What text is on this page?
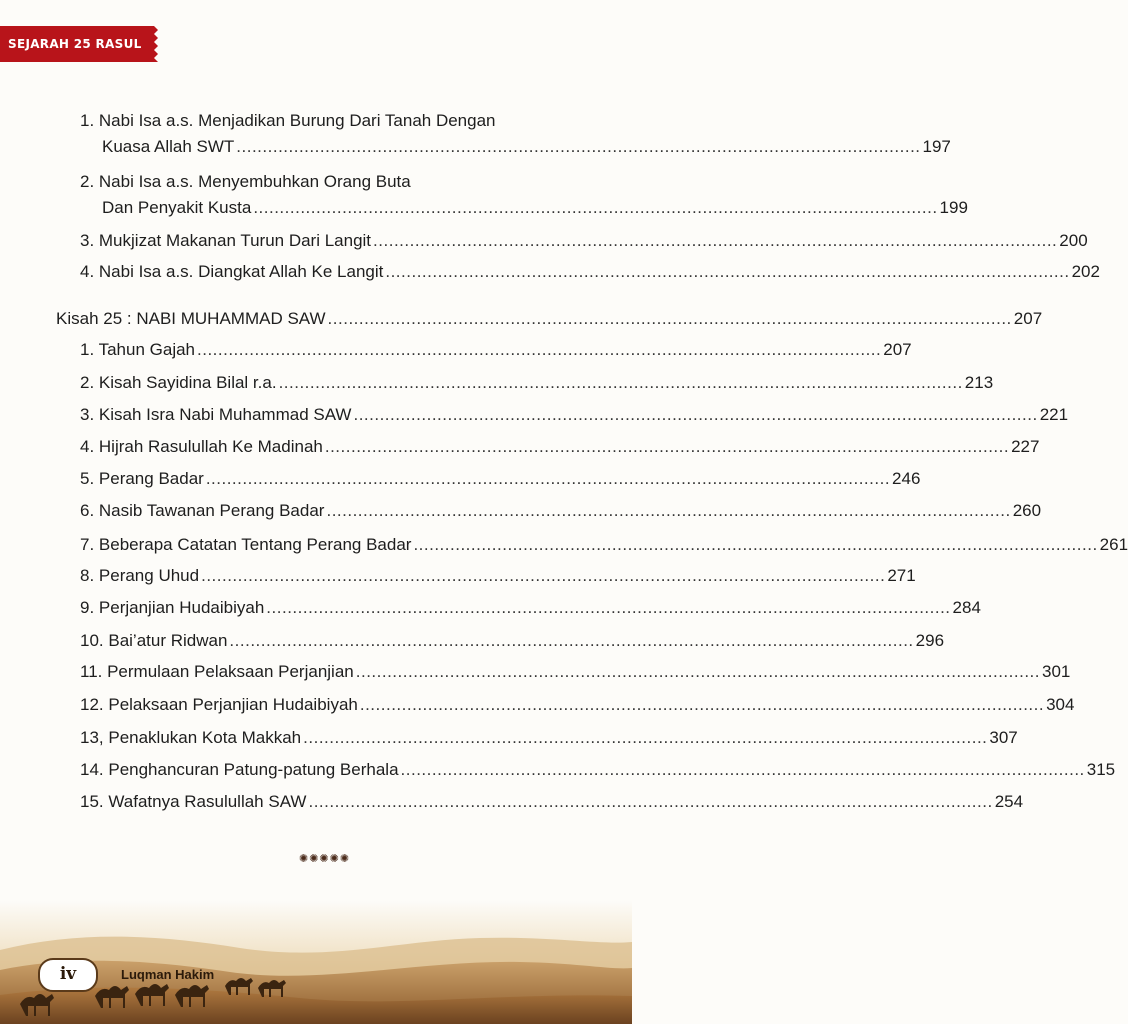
SEJARAH 25 RASUL
1. Nabi Isa a.s. Menjadikan Burung Dari Tanah Dengan
Kuasa Allah SWT ................................................................................................................................... 197
2. Nabi Isa a.s. Menyembuhkan Orang Buta
Dan Penyakit Kusta ................................................................................................................................... 199
3. Mukjizat Makanan Turun Dari Langit ................................................................................................................................... 200
4. Nabi Isa a.s. Diangkat Allah Ke Langit ................................................................................................................................... 202
Kisah 25 : NABI MUHAMMAD SAW ................................................................................................................................... 207
1. Tahun Gajah ................................................................................................................................... 207
2. Kisah Sayidina Bilal r.a. ................................................................................................................................... 213
3. Kisah Isra Nabi Muhammad SAW ................................................................................................................................... 221
4. Hijrah Rasulullah Ke Madinah ................................................................................................................................... 227
5. Perang Badar ................................................................................................................................... 246
6. Nasib Tawanan Perang Badar ................................................................................................................................... 260
7. Beberapa Catatan Tentang Perang Badar ................................................................................................................................... 261
8. Perang Uhud ................................................................................................................................... 271
9. Perjanjian Hudaibiyah ................................................................................................................................... 284
10. Bai’atur Ridwan ................................................................................................................................... 296
11. Permulaan Pelaksaan Perjanjian ................................................................................................................................... 301
12. Pelaksaan Perjanjian Hudaibiyah ................................................................................................................................... 304
13, Penaklukan Kota Makkah ................................................................................................................................... 307
14. Penghancuran Patung-patung Berhala ................................................................................................................................... 315
15. Wafatnya Rasulullah SAW ................................................................................................................................... 254
✺✺✺✺✺
iv	Luqman Hakim
